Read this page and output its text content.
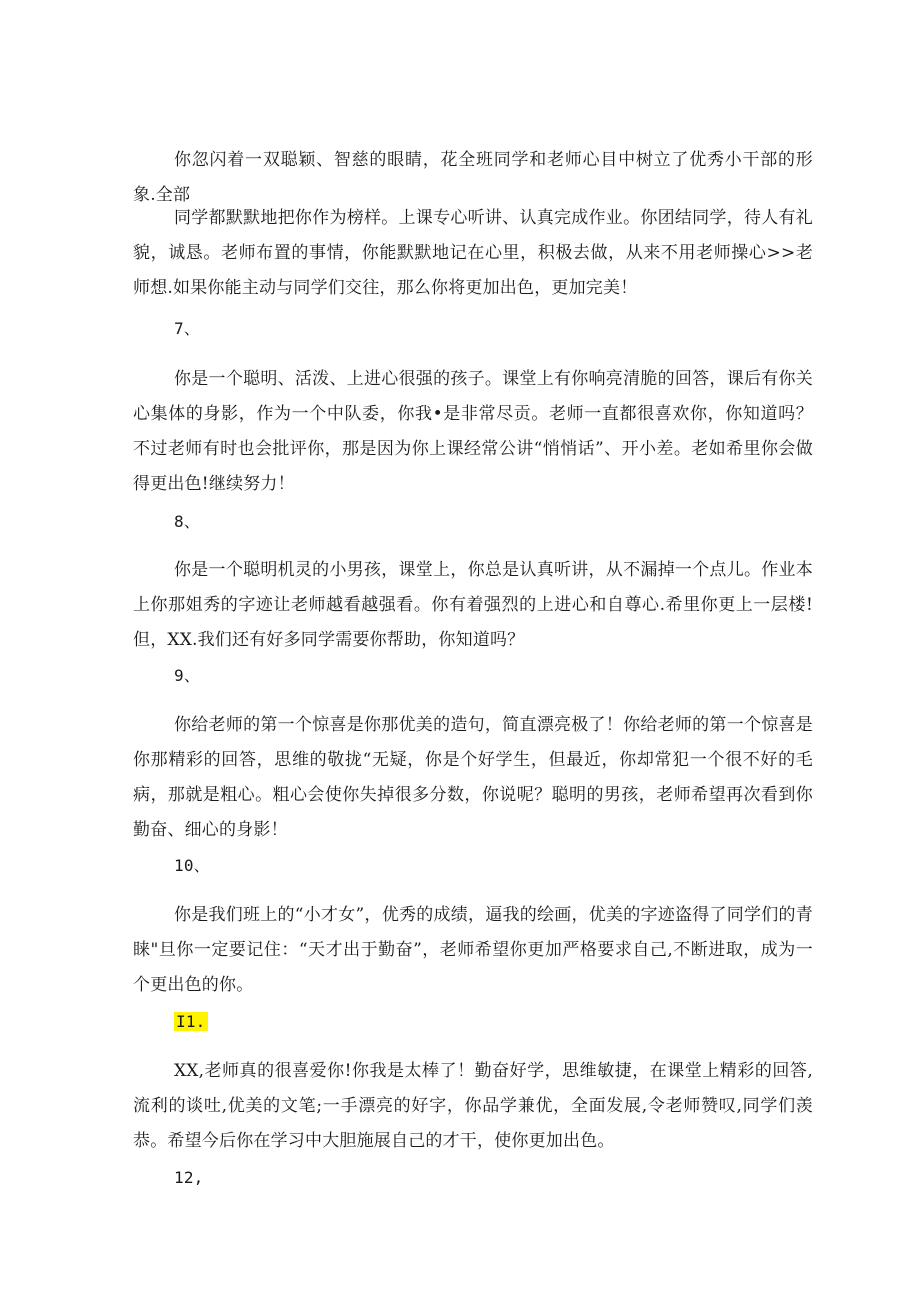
你忽闪着一双聪颖、智慈的眼睛，花全班同学和老师心目中树立了优秀小干部的形象.全部

同学都默默地把你作为榜样。上课专心听讲、认真完成作业。你团结同学，待人有礼貌，诚恳。老师布置的事情，你能默默地记在心里，积极去做，从来不用老师操心>>老师想.如果你能主动与同学们交往，那么你将更加出色，更加完美！

7、

你是一个聪明、活泼、上进心很强的孩子。课堂上有你响亮清脆的回答，课后有你关心集体的身影，作为一个中队委，你我•是非常尽贡。老师一直都很喜欢你，你知道吗？不过老师有时也会批评你，那是因为你上课经常公讲“悄悄话”、开小差。老如希里你会做得更出色!继续努力！

8、

你是一个聪明机灵的小男孩，课堂上，你总是认真听讲，从不漏掉一个点儿。作业本上你那姐秀的字迹让老师越看越强看。你有着强烈的上进心和自尊心.希里你更上一层楼!但，XX.我们还有好多同学需要你帮助，你知道吗？

9、

你给老师的第一个惊喜是你那优美的造句，简直漂亮极了！你给老师的第一个惊喜是你那精彩的回答，思维的敬拢“无疑，你是个好学生，但最近，你却常犯一个很不好的毛病，那就是粗心。粗心会使你失掉很多分数，你说呢？聪明的男孩，老师希望再次看到你勤奋、细心的身影！

10、

你是我们班上的“小才女”，优秀的成绩，逼我的绘画，优美的字迹盗得了同学们的青睐"旦你一定要记住：“天才出于勤奋”，老师希望你更加严格要求自己,不断进取，成为一个更出色的你。

I1.

XX,老师真的很喜爱你!你我是太棒了！勤奋好学，思维敏捷，在课堂上精彩的回答,流利的谈吐,优美的文笔;一手漂亮的好字，你品学兼优，全面发展,令老师赞叹,同学们羡恭。希望今后你在学习中大胆施展自己的才干，使你更加出色。

12,
